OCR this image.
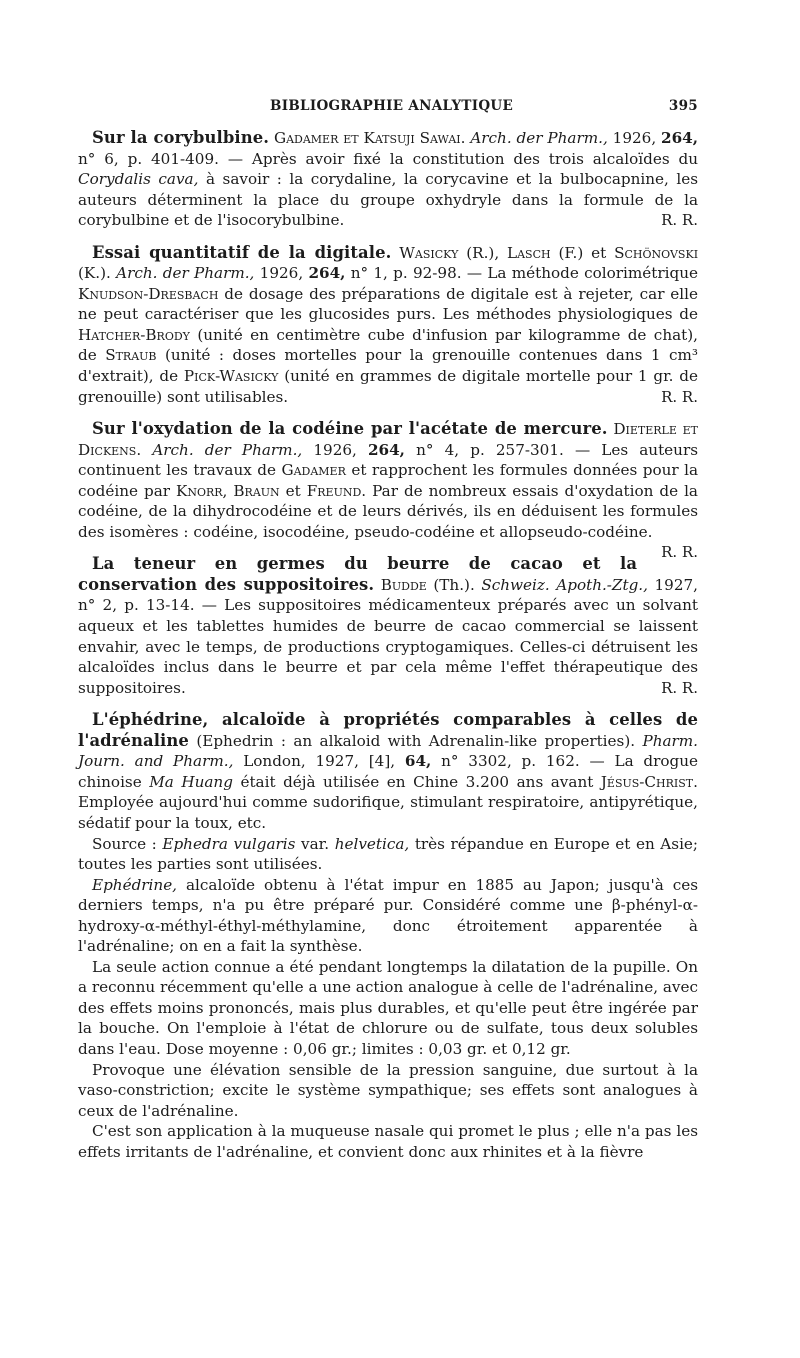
BIBLIOGRAPHIE ANALYTIQUE	395

Sur la corybulbine. Gadamer et Katsuji Sawai. Arch. der Pharm., 1926, 264, n° 6, p. 401-409. — Après avoir fixé la constitution des trois alcaloïdes du Corydalis cava, à savoir : la corydaline, la corycavine et la bulbocapnine, les auteurs déterminent la place du groupe oxhydryle dans la formule de la corybulbine et de l'isocorybulbine.	R. R.

Essai quantitatif de la digitale. Wasicky (R.), Lasch (F.) et Schönovski (K.). Arch. der Pharm., 1926, 264, n° 1, p. 92-98. — La méthode colorimétrique Knudson-Dresbach de dosage des préparations de digitale est à rejeter, car elle ne peut caractériser que les glucosides purs. Les méthodes physiologiques de Hatcher-Brody (unité en centimètre cube d'infusion par kilogramme de chat), de Straub (unité : doses mortelles pour la grenouille contenues dans 1 cm³ d'extrait), de Pick-Wasicky (unité en grammes de digitale mortelle pour 1 gr. de grenouille) sont utilisables.	R. R.

Sur l'oxydation de la codéine par l'acétate de mercure. Dieterle et Dickens. Arch. der Pharm., 1926, 264, n° 4, p. 257-301. — Les auteurs continuent les travaux de Gadamer et rapprochent les formules données pour la codéine par Knorr, Braun et Freund. Par de nombreux essais d'oxydation de la codéine, de la dihydrocodéine et de leurs dérivés, ils en déduisent les formules des isomères : codéine, isocodéine, pseudo-codéine et allopseudo-codéine.
R. R.

La teneur en germes du beurre de cacao et la conservation des suppositoires. Budde (Th.). Schweiz. Apoth.-Ztg., 1927, n° 2, p. 13-14. — Les suppositoires médicamenteux préparés avec un solvant aqueux et les tablettes humides de beurre de cacao commercial se laissent envahir, avec le temps, de productions cryptogamiques. Celles-ci détruisent les alcaloïdes inclus dans le beurre et par cela même l'effet thérapeutique des suppositoires.	R. R.

L'éphédrine, alcaloïde à propriétés comparables à celles de l'adrénaline (Ephedrin : an alkaloid with Adrenalin-like properties). Pharm. Journ. and Pharm., London, 1927, [4], 64, n° 3302, p. 162. — La drogue chinoise Ma Huang était déjà utilisée en Chine 3.200 ans avant Jésus-Christ. Employée aujourd'hui comme sudorifique, stimulant respiratoire, antipyrétique, sédatif pour la toux, etc.

Source : Ephedra vulgaris var. helvetica, très répandue en Europe et en Asie; toutes les parties sont utilisées.

Ephédrine, alcaloïde obtenu à l'état impur en 1885 au Japon; jusqu'à ces derniers temps, n'a pu être préparé pur. Considéré comme une β-phényl-α-hydroxy-α-méthyl-éthyl-méthylamine, donc étroitement apparentée à l'adrénaline; on en a fait la synthèse.

La seule action connue a été pendant longtemps la dilatation de la pupille. On a reconnu récemment qu'elle a une action analogue à celle de l'adrénaline, avec des effets moins prononcés, mais plus durables, et qu'elle peut être ingérée par la bouche. On l'emploie à l'état de chlorure ou de sulfate, tous deux solubles dans l'eau. Dose moyenne : 0,06 gr.; limites : 0,03 gr. et 0,12 gr.

Provoque une élévation sensible de la pression sanguine, due surtout à la vaso-constriction; excite le système sympathique; ses effets sont analogues à ceux de l'adrénaline.

C'est son application à la muqueuse nasale qui promet le plus ; elle n'a pas les effets irritants de l'adrénaline, et convient donc aux rhinites et à la fièvre
